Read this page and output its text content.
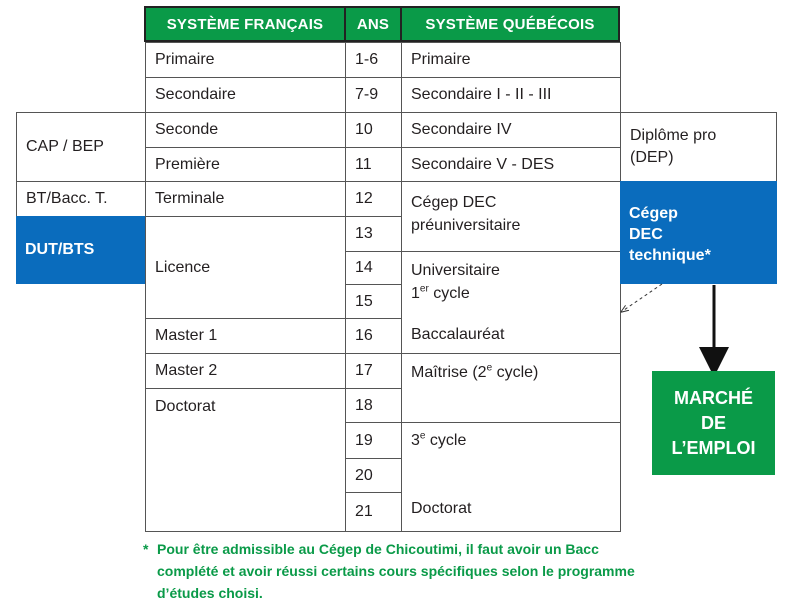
SYSTÈME FRANÇAIS	ANS	SYSTÈME QUÉBÉCOIS
CAP / BEP
BT/Bacc. T.
DUT/BTS
Primaire
Secondaire
Seconde
Première
Terminale
Licence
Master 1
Master 2
Doctorat
1-6
7-9
10
11
12
13
14
15
16
17
18
19
20
21
Primaire
Secondaire I - II - III
Secondaire IV
Secondaire V - DES
Cégep DEC
préuniversitaire
Universitaire
1er cycle
Baccalauréat
Maîtrise (2e cycle)
3e cycle
Doctorat
Diplôme pro
(DEP)
Cégep
DEC
technique*
MARCHÉ
DE
L’EMPLOI
* Pour être admissible au Cégep de Chicoutimi, il faut avoir un Bacc complété et avoir réussi certains cours spécifiques selon le programme d’études choisi.
